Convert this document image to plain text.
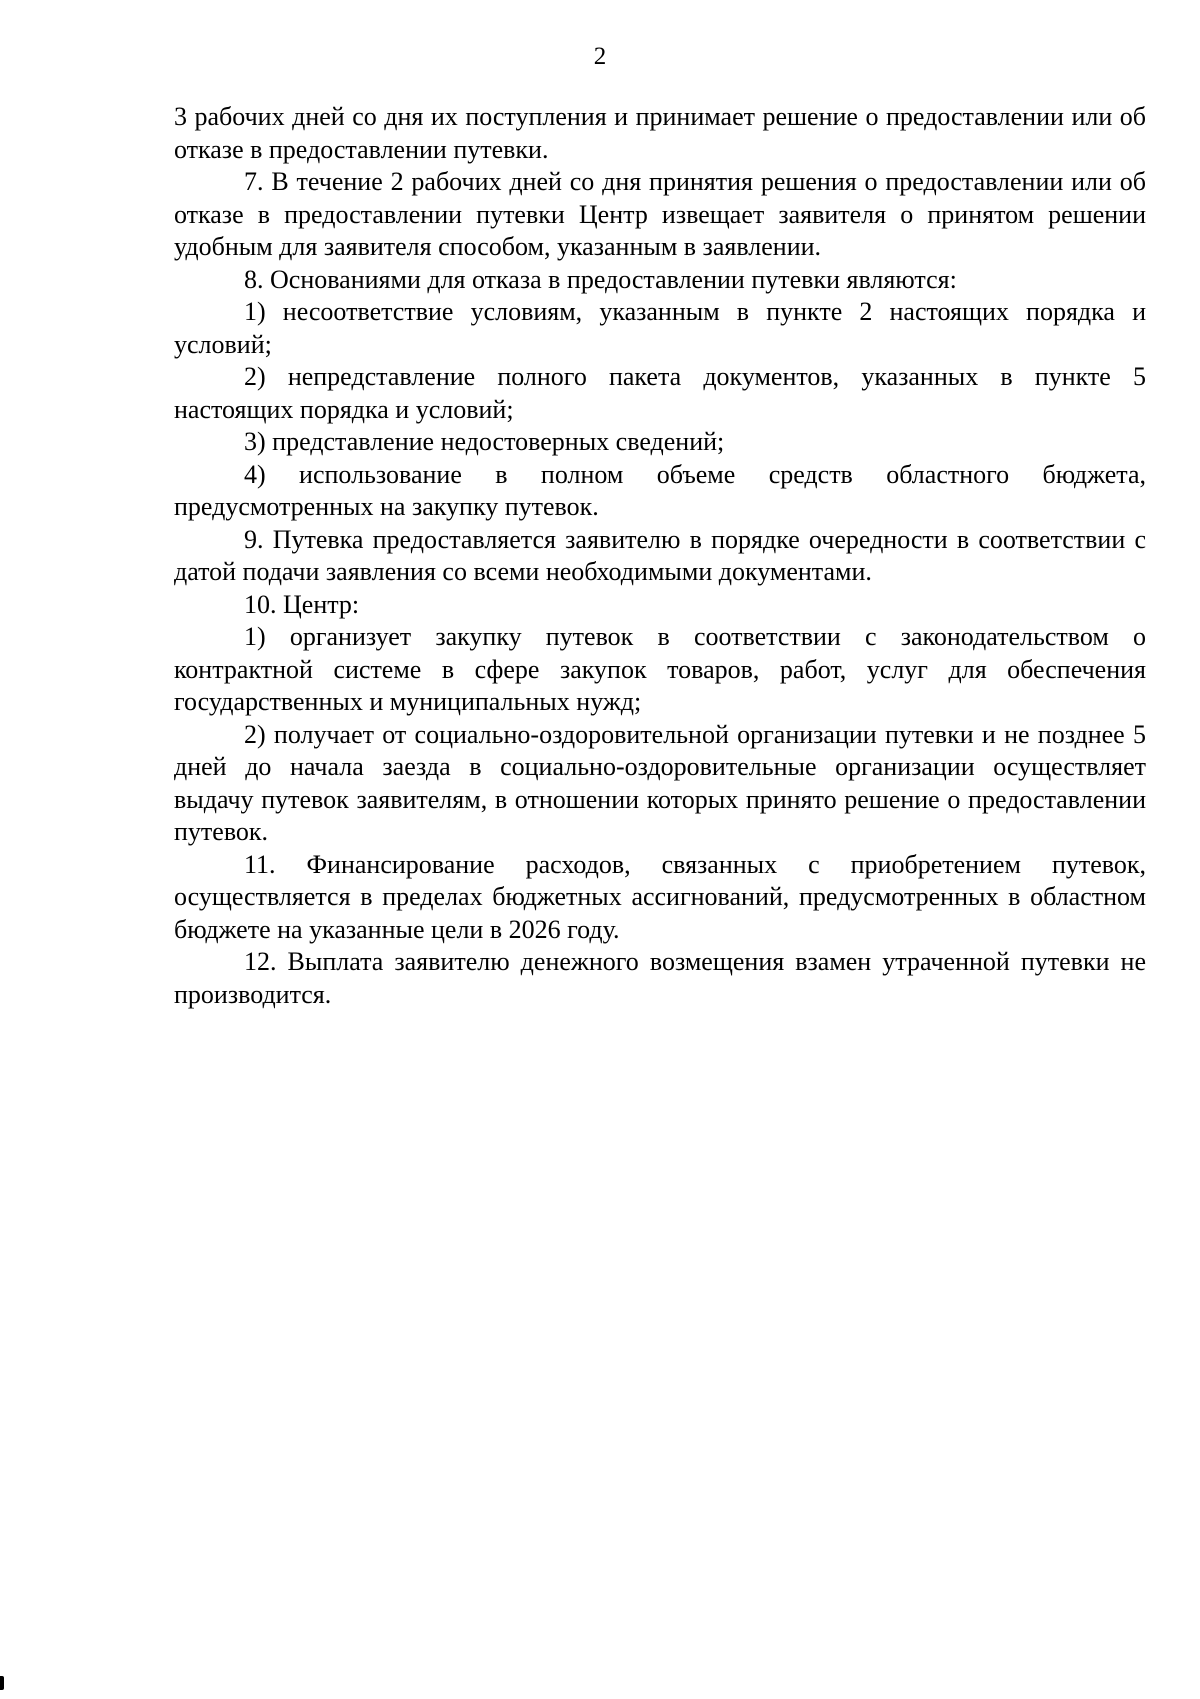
2

3 рабочих дней со дня их поступления и принимает решение о предоставлении или об отказе в предоставлении путевки.

7. В течение 2 рабочих дней со дня принятия решения о предоставлении или об отказе в предоставлении путевки Центр извещает заявителя о принятом решении удобным для заявителя способом, указанным в заявлении.

8. Основаниями для отказа в предоставлении путевки являются:

1) несоответствие условиям, указанным в пункте 2 настоящих порядка и условий;

2) непредставление полного пакета документов, указанных в пункте 5 настоящих порядка и условий;

3) представление недостоверных сведений;

4) использование в полном объеме средств областного бюджета, предусмотренных на закупку путевок.

9. Путевка предоставляется заявителю в порядке очередности в соответствии с датой подачи заявления со всеми необходимыми документами.

10. Центр:

1) организует закупку путевок в соответствии с законодательством о контрактной системе в сфере закупок товаров, работ, услуг для обеспечения государственных и муниципальных нужд;

2) получает от социально-оздоровительной организации путевки и не позднее 5 дней до начала заезда в социально-оздоровительные организации осуществляет выдачу путевок заявителям, в отношении которых принято решение о предоставлении путевок.

11. Финансирование расходов, связанных с приобретением путевок, осуществляется в пределах бюджетных ассигнований, предусмотренных в областном бюджете на указанные цели в 2026 году.

12. Выплата заявителю денежного возмещения взамен утраченной путевки не производится.
